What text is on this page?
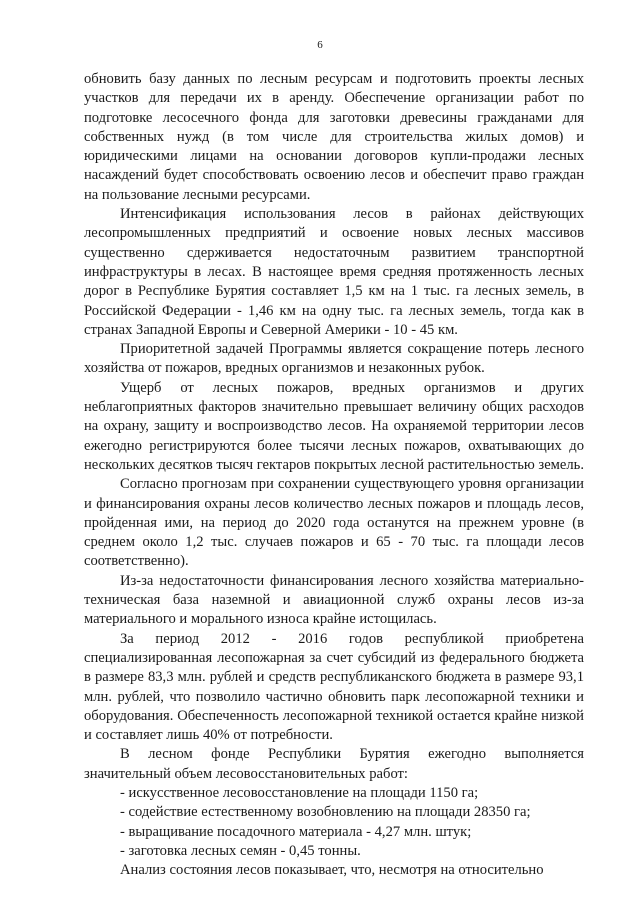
6

обновить базу данных по лесным ресурсам и подготовить проекты лесных участков для передачи их в аренду. Обеспечение организации работ по подготовке лесосечного фонда для заготовки древесины гражданами для собственных нужд (в том числе для строительства жилых домов) и юридическими лицами на основании договоров купли-продажи лесных насаждений будет способствовать освоению лесов и обеспечит право граждан на пользование лесными ресурсами.

Интенсификация использования лесов в районах действующих лесопромышленных предприятий и освоение новых лесных массивов существенно сдерживается недостаточным развитием транспортной инфраструктуры в лесах. В настоящее время средняя протяженность лесных дорог в Республике Бурятия составляет 1,5 км на 1 тыс. га лесных земель, в Российской Федерации - 1,46 км на одну тыс. га лесных земель, тогда как в странах Западной Европы и Северной Америки - 10 - 45 км.

Приоритетной задачей Программы является сокращение потерь лесного хозяйства от пожаров, вредных организмов и незаконных рубок.

Ущерб от лесных пожаров, вредных организмов и других неблагоприятных факторов значительно превышает величину общих расходов на охрану, защиту и воспроизводство лесов. На охраняемой территории лесов ежегодно регистрируются более тысячи лесных пожаров, охватывающих до нескольких десятков тысяч гектаров покрытых лесной растительностью земель.

Согласно прогнозам при сохранении существующего уровня организации и финансирования охраны лесов количество лесных пожаров и площадь лесов, пройденная ими, на период до 2020 года останутся на прежнем уровне (в среднем около 1,2 тыс. случаев пожаров и 65 - 70 тыс. га площади лесов соответственно).

Из-за недостаточности финансирования лесного хозяйства материально-техническая база наземной и авиационной служб охраны лесов из-за материального и морального износа крайне истощилась.

За период 2012 - 2016 годов республикой приобретена специализированная лесопожарная за счет субсидий из федерального бюджета в размере 83,3 млн. рублей и средств республиканского бюджета в размере 93,1 млн. рублей, что позволило частично обновить парк лесопожарной техники и оборудования. Обеспеченность лесопожарной техникой остается крайне низкой и составляет лишь 40% от потребности.

В лесном фонде Республики Бурятия ежегодно выполняется значительный объем лесовосстановительных работ:

- искусственное лесовосстановление на площади 1150 га;

- содействие естественному возобновлению на площади 28350 га;

- выращивание посадочного материала - 4,27 млн. штук;

- заготовка лесных семян - 0,45 тонны.

Анализ состояния лесов показывает, что, несмотря на относительно
